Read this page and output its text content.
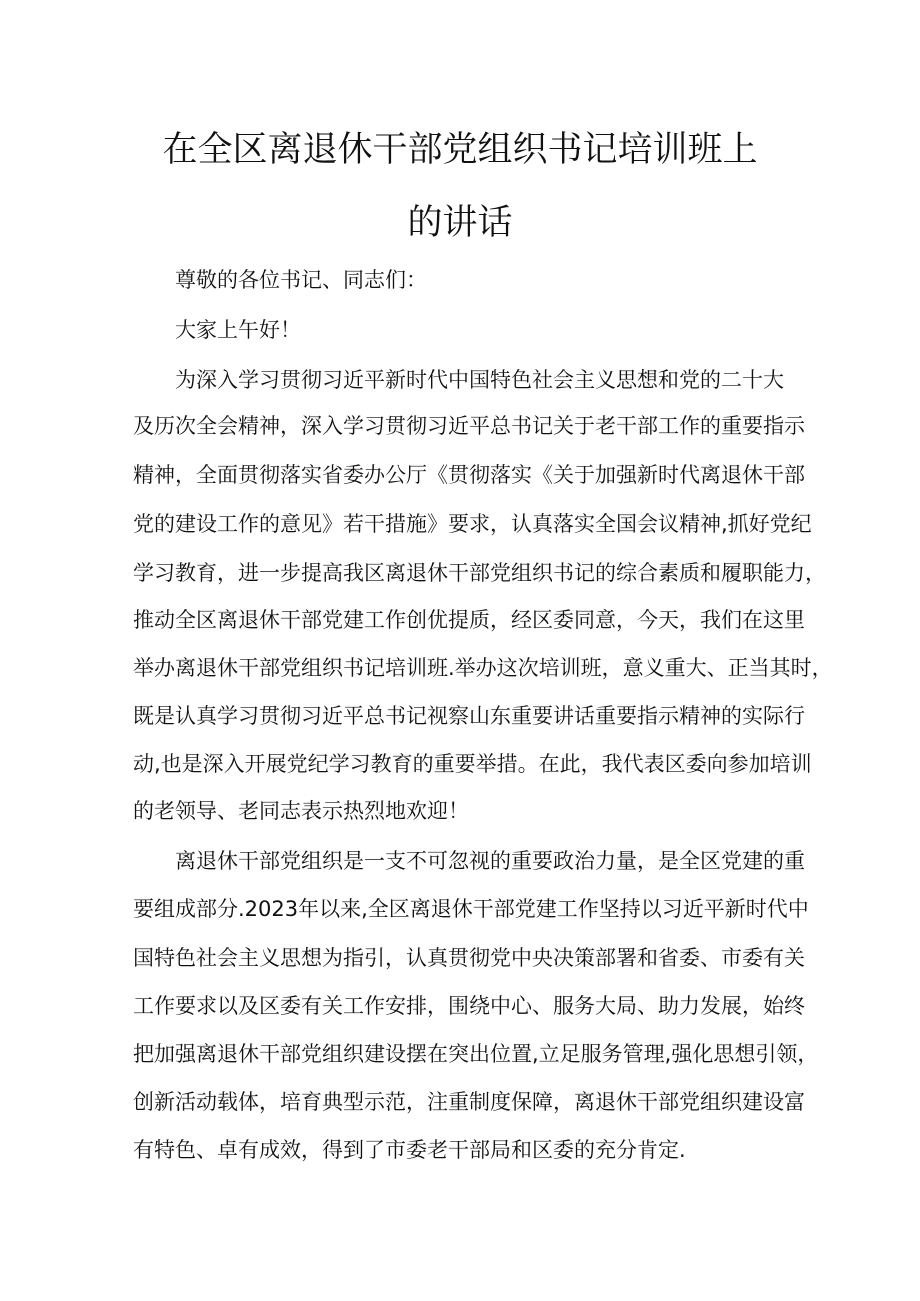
在全区离退休干部党组织书记培训班上
的讲话
尊敬的各位书记、同志们：
大家上午好！
为深入学习贯彻习近平新时代中国特色社会主义思想和党的二十大
及历次全会精神，深入学习贯彻习近平总书记关于老干部工作的重要指示
精神，全面贯彻落实省委办公厅《贯彻落实《关于加强新时代离退休干部
党的建设工作的意见》若干措施》要求，认真落实全国会议精神,抓好党纪
学习教育，进一步提高我区离退休干部党组织书记的综合素质和履职能力，
推动全区离退休干部党建工作创优提质，经区委同意，今天，我们在这里
举办离退休干部党组织书记培训班.举办这次培训班，意义重大、正当其时，
既是认真学习贯彻习近平总书记视察山东重要讲话重要指示精神的实际行
动,也是深入开展党纪学习教育的重要举措。在此，我代表区委向参加培训
的老领导、老同志表示热烈地欢迎！
离退休干部党组织是一支不可忽视的重要政治力量，是全区党建的重
要组成部分.2023年以来,全区离退休干部党建工作坚持以习近平新时代中
国特色社会主义思想为指引，认真贯彻党中央决策部署和省委、市委有关
工作要求以及区委有关工作安排，围绕中心、服务大局、助力发展，始终
把加强离退休干部党组织建设摆在突出位置,立足服务管理,强化思想引领，
创新活动载体，培育典型示范，注重制度保障，离退休干部党组织建设富
有特色、卓有成效，得到了市委老干部局和区委的充分肯定.
